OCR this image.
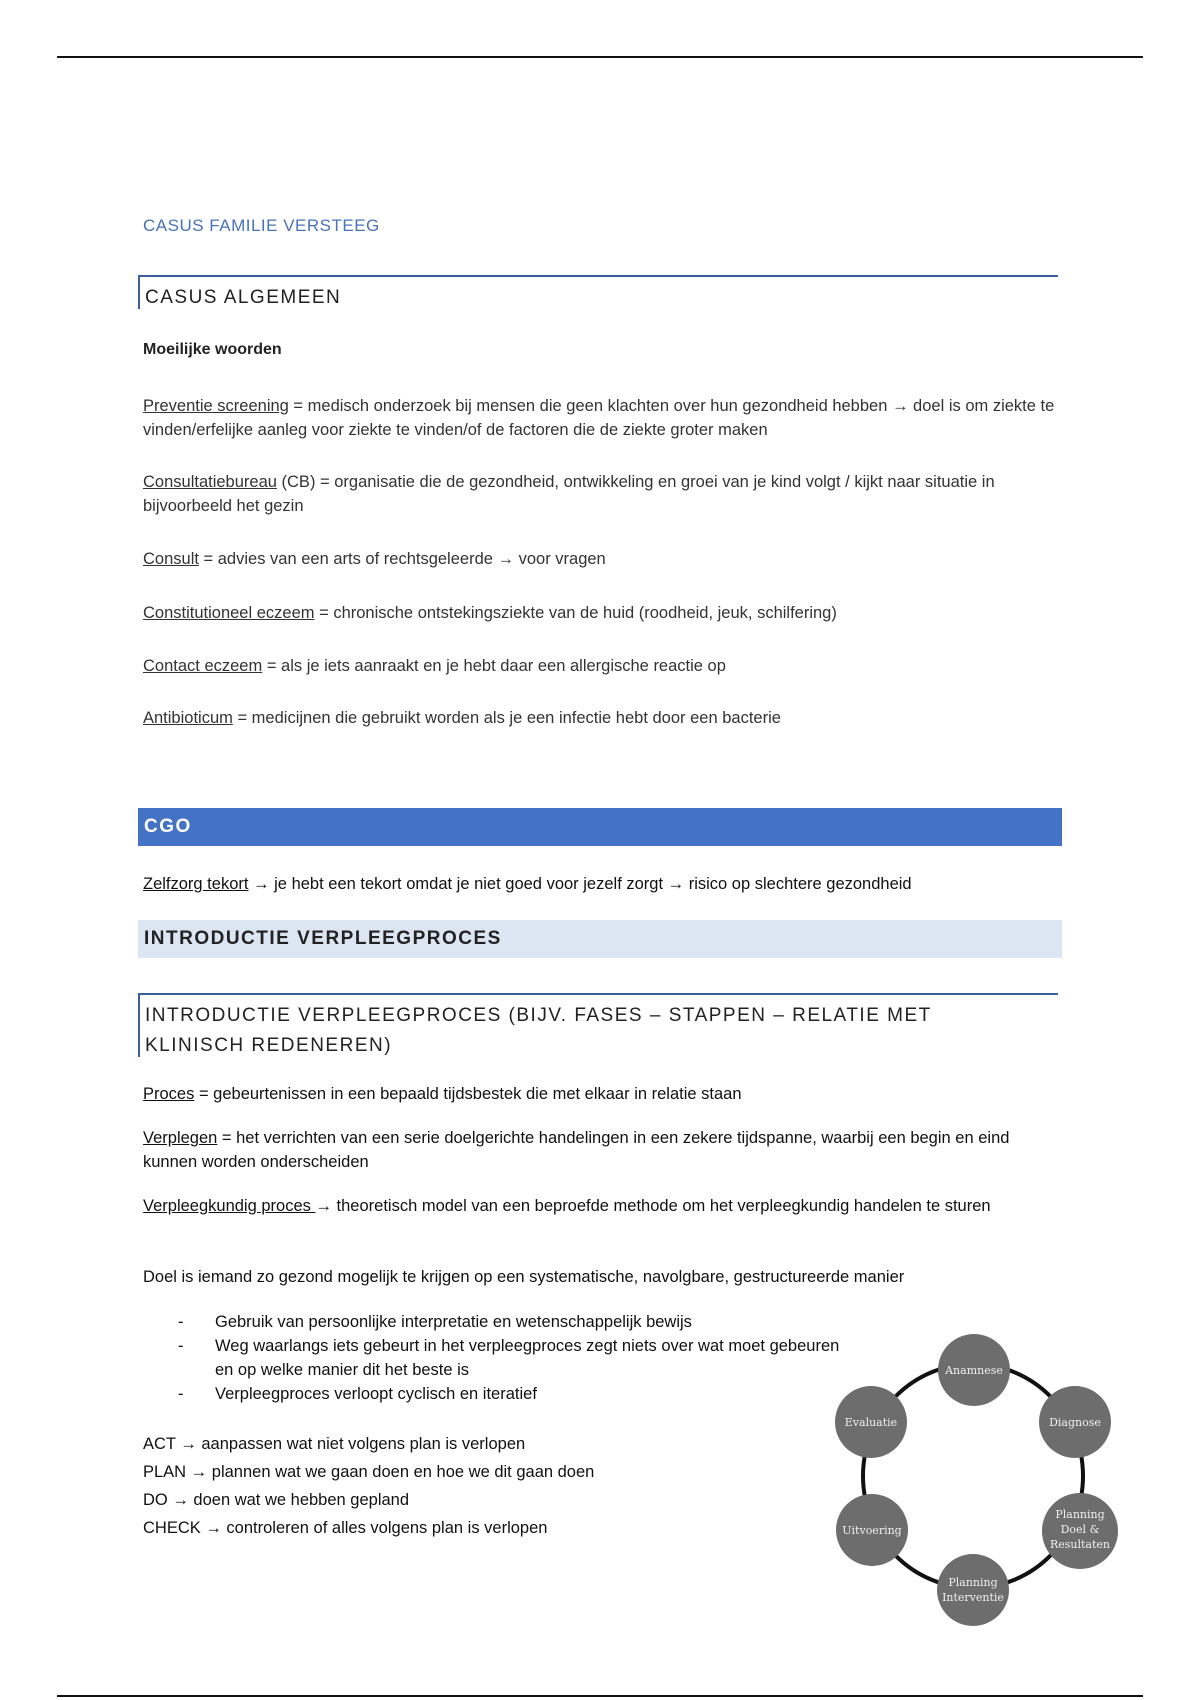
CASUS FAMILIE VERSTEEG
CASUS ALGEMEEN
Moeilijke woorden

Preventie screening = medisch onderzoek bij mensen die geen klachten over hun gezondheid hebben → doel is om ziekte te vinden/erfelijke aanleg voor ziekte te vinden/of de factoren die de ziekte groter maken

Consultatiebureau (CB) = organisatie die de gezondheid, ontwikkeling en groei van je kind volgt / kijkt naar situatie in bijvoorbeeld het gezin

Consult = advies van een arts of rechtsgeleerde → voor vragen

Constitutioneel eczeem = chronische ontstekingsziekte van de huid (roodheid, jeuk, schilfering)

Contact eczeem = als je iets aanraakt en je hebt daar een allergische reactie op

Antibioticum = medicijnen die gebruikt worden als je een infectie hebt door een bacterie

CGO

Zelfzorg tekort → je hebt een tekort omdat je niet goed voor jezelf zorgt → risico op slechtere gezondheid

INTRODUCTIE VERPLEEGPROCES
INTRODUCTIE VERPLEEGPROCES (BIJV. FASES – STAPPEN – RELATIE MET KLINISCH REDENEREN)

Proces = gebeurtenissen in een bepaald tijdsbestek die met elkaar in relatie staan

Verplegen = het verrichten van een serie doelgerichte handelingen in een zekere tijdspanne, waarbij een begin en eind kunnen worden onderscheiden

Verpleegkundig proces → theoretisch model van een beproefde methode om het verpleegkundig handelen te sturen

Doel is iemand zo gezond mogelijk te krijgen op een systematische, navolgbare, gestructureerde manier

- Gebruik van persoonlijke interpretatie en wetenschappelijk bewijs
- Weg waarlangs iets gebeurt in het verpleegproces zegt niets over wat moet gebeuren en op welke manier dit het beste is
- Verpleegproces verloopt cyclisch en iteratief
ACT → aanpassen wat niet volgens plan is verlopen
PLAN → plannen wat we gaan doen en hoe we dit gaan doen
DO → doen wat we hebben gepland
CHECK → controleren of alles volgens plan is verlopen
Anamnese
Diagnose
Planning
Doel &
Resultaten
Planning
Interventie
Uitvoering
Evaluatie
